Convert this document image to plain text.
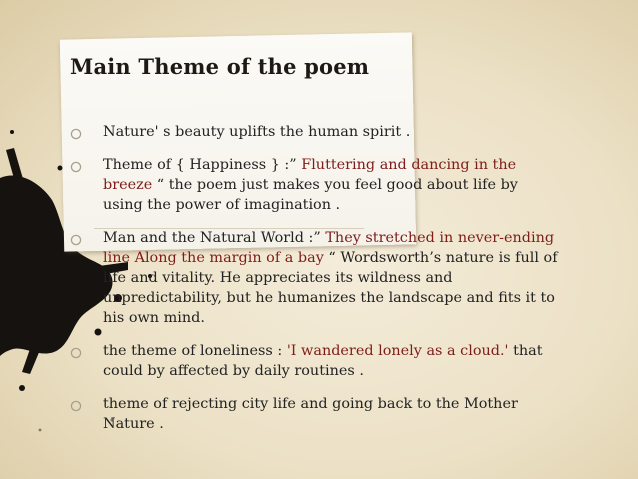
Main Theme of the poem
Nature' s beauty uplifts the human spirit .
Theme of { Happiness } :” Fluttering and dancing in the breeze “ the poem just makes you feel good about life by using the power of imagination .
Man and the Natural World :” They stretched in never-ending line Along the margin of a bay “ Wordsworth’s nature is full of life and vitality. He appreciates its wildness and unpredictability, but he humanizes the landscape and fits it to his own mind.
the theme of loneliness : 'I wandered lonely as a cloud.' that could by affected by daily routines .
theme of rejecting city life and going back to the Mother Nature .
